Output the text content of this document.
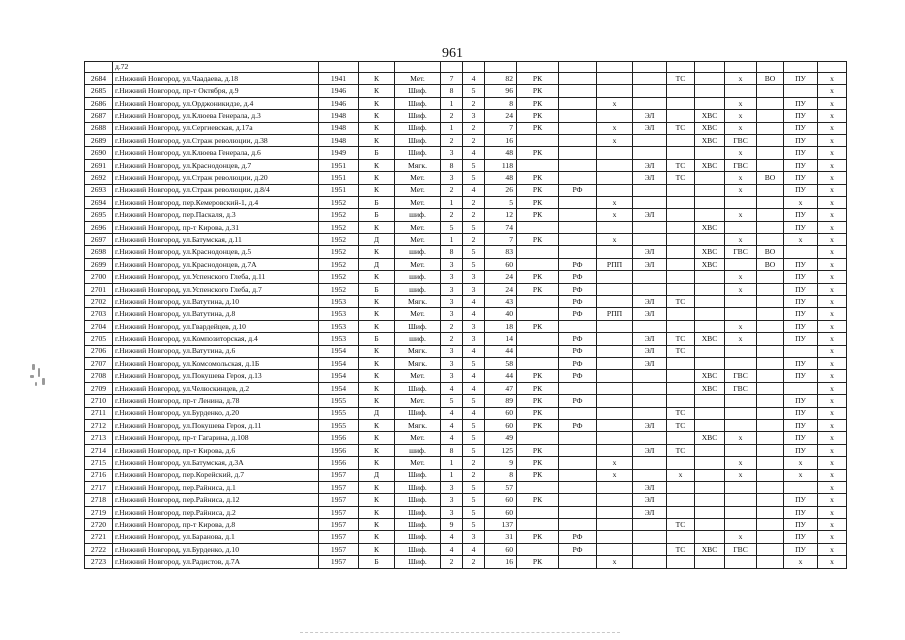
961
	д.72																
2684	г.Нижний Новгород, ул.Чаадаева, д.18	1941	К	Мет.	7	4	82	РК				ТС		х	ВО	ПУ	х
2685	г.Нижний Новгород, пр-т Октября, д.9	1946	К	Шиф.	8	5	96	РК									х
2686	г.Нижний Новгород, ул.Орджоникидзе, д.4	1946	К	Шиф.	1	2	8	РК		х				х		ПУ	х
2687	г.Нижний Новгород, ул.Клюева Генерала, д.3	1948	К	Шиф.	2	3	24	РК			ЭЛ		ХВС	х		ПУ	х
2688	г.Нижний Новгород, ул.Сергиевская, д.17а	1948	К	Шиф.	1	2	7	РК		х	ЭЛ	ТС	ХВС	х		ПУ	х
2689	г.Нижний Новгород, ул.Страж революции, д.38	1948	К	Шиф.	2	2	16			х			ХВС	ГВС		ПУ	х
2690	г.Нижний Новгород, ул.Клюева Генерала, д.6	1949	Б	Шиф.	3	4	48	РК						х		ПУ	х
2691	г.Нижний Новгород, ул.Краснодонцев, д.7	1951	К	Мягк.	8	5	118				ЭЛ	ТС	ХВС	ГВС		ПУ	х
2692	г.Нижний Новгород, ул.Страж революции, д.20	1951	К	Мет.	3	5	48	РК			ЭЛ	ТС		х	ВО	ПУ	х
2693	г.Нижний Новгород, ул.Страж революции, д.8/4	1951	К	Мет.	2	4	26	РК	РФ					х		ПУ	х
2694	г.Нижний Новгород, пер.Кемеровский-1, д.4	1952	Б	Мет.	1	2	5	РК		х						х	х
2695	г.Нижний Новгород, пер.Паскаля, д.3	1952	Б	шиф.	2	2	12	РК		х	ЭЛ			х		ПУ	х
2696	г.Нижний Новгород, пр-т Кирова, д.31	1952	К	Мет.	5	5	74						ХВС			ПУ	х
2697	г.Нижний Новгород, ул.Батумская, д.11	1952	Д	Мет.	1	2	7	РК		х				х		х	х
2698	г.Нижний Новгород, ул.Краснодонцев, д.5	1952	К	шиф.	8	5	83				ЭЛ		ХВС	ГВС	ВО		х
2699	г.Нижний Новгород, ул.Краснодонцев, д.7А	1952	Д	Мет.	3	5	60		РФ	РПП	ЭЛ		ХВС		ВО	ПУ	х
2700	г.Нижний Новгород, ул.Успенского Глеба, д.11	1952	К	шиф.	3	3	24	РК	РФ					х		ПУ	х
2701	г.Нижний Новгород, ул.Успенского Глеба, д.7	1952	Б	шиф.	3	3	24	РК	РФ					х		ПУ	х
2702	г.Нижний Новгород, ул.Ватутина, д.10	1953	К	Мягк.	3	4	43		РФ		ЭЛ	ТС				ПУ	х
2703	г.Нижний Новгород, ул.Ватутина, д.8	1953	К	Мет.	3	4	40		РФ	РПП	ЭЛ					ПУ	х
2704	г.Нижний Новгород, ул.Гвардейцев, д.10	1953	К	Шиф.	2	3	18	РК						х		ПУ	х
2705	г.Нижний Новгород, ул.Композиторская, д.4	1953	Б	шиф.	2	3	14		РФ		ЭЛ	ТС	ХВС	х		ПУ	х
2706	г.Нижний Новгород, ул.Ватутина, д.6	1954	К	Мягк.	3	4	44		РФ		ЭЛ	ТС					х
2707	г.Нижний Новгород, ул.Комсомольская, д.1Б	1954	К	Мягк.	3	5	58		РФ		ЭЛ					ПУ	х
2708	г.Нижний Новгород, ул.Покушева Героя, д.13	1954	К	Мет.	3	4	44	РК	РФ				ХВС	ГВС		ПУ	х
2709	г.Нижний Новгород, ул.Челюскинцев, д.2	1954	К	Шиф.	4	4	47	РК					ХВС	ГВС			х
2710	г.Нижний Новгород, пр-т Ленина, д.78	1955	К	Мет.	5	5	89	РК	РФ							ПУ	х
2711	г.Нижний Новгород, ул.Бурденко, д.20	1955	Д	Шиф.	4	4	60	РК				ТС				ПУ	х
2712	г.Нижний Новгород, ул.Покушева Героя, д.11	1955	К	Мягк.	4	5	60	РК	РФ		ЭЛ	ТС				ПУ	х
2713	г.Нижний Новгород, пр-т Гагарина, д.108	1956	К	Мет.	4	5	49						ХВС	х		ПУ	х
2714	г.Нижний Новгород, пр-т Кирова, д.6	1956	К	шиф.	8	5	125	РК			ЭЛ	ТС				ПУ	х
2715	г.Нижний Новгород, ул.Батумская, д.3А	1956	К	Мет.	1	2	9	РК		х				х		х	х
2716	г.Нижний Новгород, пер.Корейский, д.7	1957	Д	Шиф.	1	2	8	РК		х		х		х		х	х
2717	г.Нижний Новгород, пер.Райниса, д.1	1957	К	Шиф.	3	5	57				ЭЛ						х
2718	г.Нижний Новгород, пер.Райниса, д.12	1957	К	Шиф.	3	5	60	РК			ЭЛ					ПУ	х
2719	г.Нижний Новгород, пер.Райниса, д.2	1957	К	Шиф.	3	5	60				ЭЛ					ПУ	х
2720	г.Нижний Новгород, пр-т Кирова, д.8	1957	К	Шиф.	9	5	137					ТС				ПУ	х
2721	г.Нижний Новгород, ул.Баранова, д.1	1957	К	Шиф.	4	3	31	РК	РФ					х		ПУ	х
2722	г.Нижний Новгород, ул.Бурденко, д.10	1957	К	Шиф.	4	4	60		РФ			ТС	ХВС	ГВС		ПУ	х
2723	г.Нижний Новгород, ул.Радистов, д.7А	1957	Б	Шиф.	2	2	16	РК		х						х	х
